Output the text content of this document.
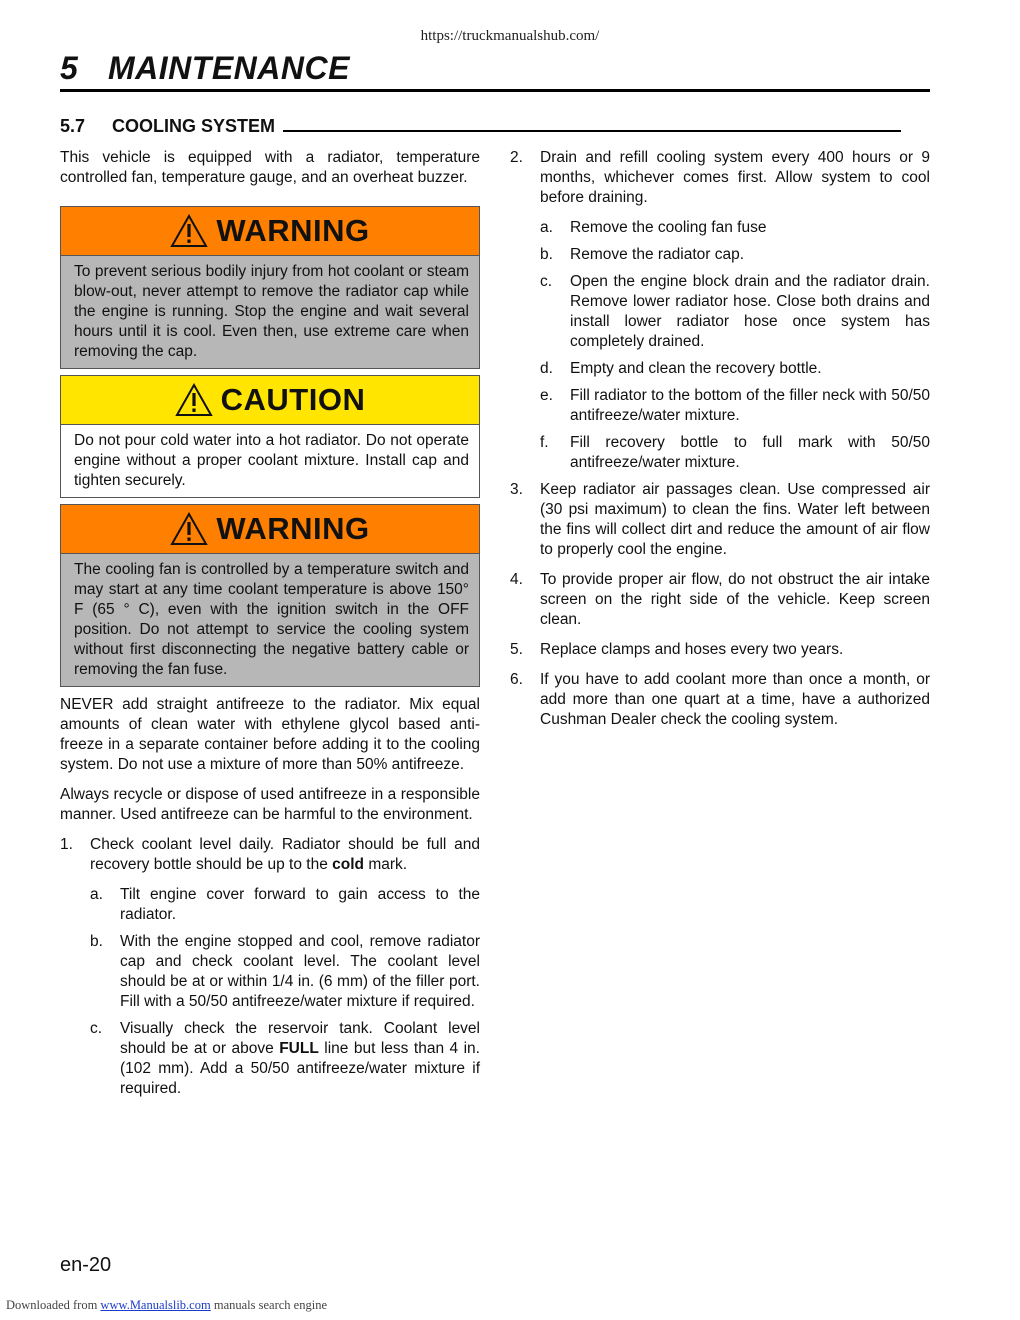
https://truckmanualshub.com/
5 MAINTENANCE
5.7 COOLING SYSTEM

This vehicle is equipped with a radiator, temperature controlled fan, temperature gauge, and an overheat buzzer.

WARNING
To prevent serious bodily injury from hot coolant or steam blow-out, never attempt to remove the radiator cap while the engine is running. Stop the engine and wait several hours until it is cool. Even then, use extreme care when removing the cap.
CAUTION
Do not pour cold water into a hot radiator. Do not operate engine without a proper coolant mixture. Install cap and tighten securely.
WARNING
The cooling fan is controlled by a temperature switch and may start at any time coolant temperature is above 150° F (65 ° C), even with the ignition switch in the OFF position. Do not attempt to service the cooling system without first disconnecting the negative battery cable or removing the fan fuse.

NEVER add straight antifreeze to the radiator. Mix equal amounts of clean water with ethylene glycol based anti-freeze in a separate container before adding it to the cooling system. Do not use a mixture of more than 50% antifreeze.

Always recycle or dispose of used antifreeze in a responsible manner. Used antifreeze can be harmful to the environment.

1. Check coolant level daily. Radiator should be full and recovery bottle should be up to the cold mark.
a. Tilt engine cover forward to gain access to the radiator.
b. With the engine stopped and cool, remove radiator cap and check coolant level. The coolant level should be at or within 1/4 in. (6 mm) of the filler port. Fill with a 50/50 antifreeze/water mixture if required.
c. Visually check the reservoir tank. Coolant level should be at or above FULL line but less than 4 in. (102 mm). Add a 50/50 antifreeze/water mixture if required.
2. Drain and refill cooling system every 400 hours or 9 months, whichever comes first. Allow system to cool before draining.
a. Remove the cooling fan fuse
b. Remove the radiator cap.
c. Open the engine block drain and the radiator drain. Remove lower radiator hose. Close both drains and install lower radiator hose once system has completely drained.
d. Empty and clean the recovery bottle.
e. Fill radiator to the bottom of the filler neck with 50/50 antifreeze/water mixture.
f. Fill recovery bottle to full mark with 50/50 antifreeze/water mixture.
3. Keep radiator air passages clean. Use compressed air (30 psi maximum) to clean the fins. Water left between the fins will collect dirt and reduce the amount of air flow to properly cool the engine.
4. To provide proper air flow, do not obstruct the air intake screen on the right side of the vehicle. Keep screen clean.
5. Replace clamps and hoses every two years.
6. If you have to add coolant more than once a month, or add more than one quart at a time, have a authorized Cushman Dealer check the cooling system.
en-20
Downloaded from www.Manualslib.com manuals search engine
